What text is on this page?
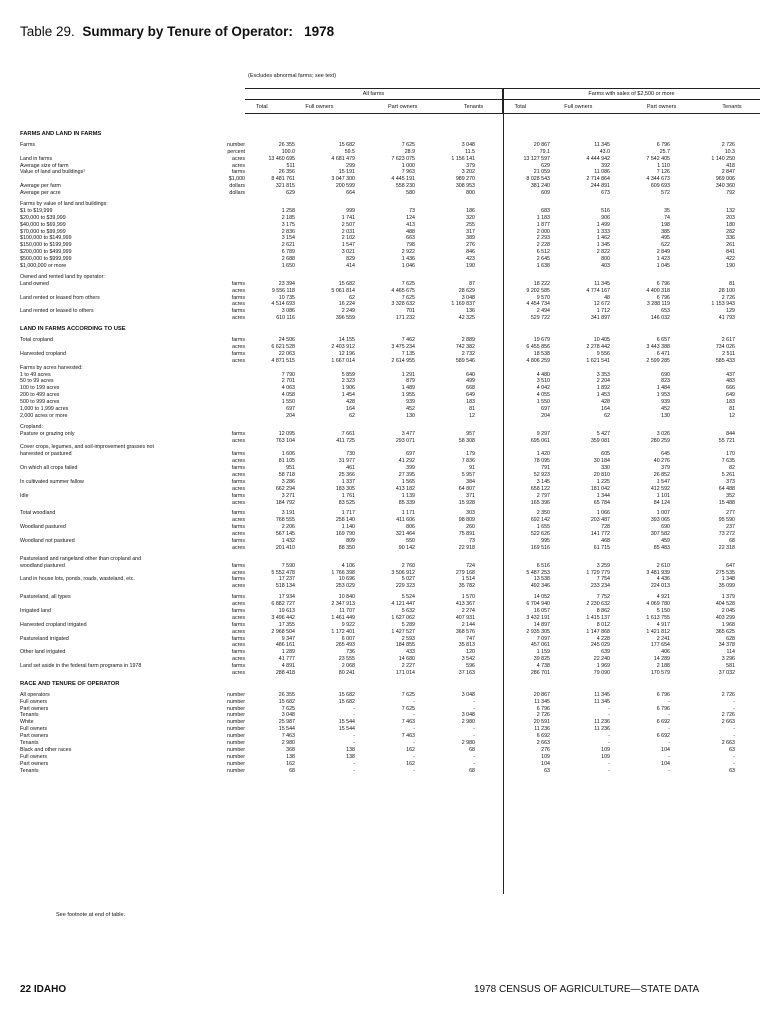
Table 29. Summary by Tenure of Operator: 1978
(Excludes abnormal farms; see text)
All farms				Farms with sales of $2,500 or more			
Total	Full owners	Part owners	Tenants	Total	Full owners	Part owners	Tenants
FARMS AND LAND IN FARMS
Farms	number	26 355	15 682	7 625	3 048	20 867	11 345	6 796	2 726
percent	100.0	59.5	28.9	11.5	79.1	43.0	25.7	10.3
Land in farms	acres	13 460 695	4 681 479	7 623 075	1 156 141	13 127 597	4 444 942	7 542 405	1 140 250
Average size of farm	acres	511	299	1 000	379	629	392	1 110	418
Value of land and buildings¹	farms	26 356	15 191	7 963	3 202	21 059	11 086	7 126	2 847
$1,000	8 481 761	3 047 300	4 445 191	989 270	8 028 543	2 714 864	4 344 673	969 006
Average per farm	dollars	321 815	200 599	558 230	308 953	381 240	244 891	609 693	340 360
Average per acre	dollars	629	664	580	800	609	673	572	792
Farms by value of land and buildings:
$1 to $19,999	1 258	999	73	186	683	516	35	132
$20,000 to $39,999	2 185	1 741	124	320	1 183	906	74	203
$40,000 to $69,999	3 175	2 507	413	255	1 877	1 499	198	180
$70,000 to $99,999	2 836	2 031	488	317	2 000	1 333	385	282
$100,000 to $149,999	3 154	2 102	663	389	2 293	1 462	495	336
$150,000 to $199,999	2 621	1 547	798	276	2 228	1 345	622	261
$200,000 to $499,999	6 789	3 021	2 922	846	6 512	2 822	2 849	841
$500,000 to $999,999	2 688	829	1 436	423	2 645	800	1 423	422
$1,000,000 or more	1 650	414	1 046	190	1 638	403	1 045	190
Owned and rented land by operator:
Land owned	farms	23 394	15 682	7 625	87	18 222	11 345	6 796	81
acres	9 556 118	5 061 814	4 465 675	28 629	9 202 585	4 774 167	4 400 318	28 100
Land rented or leased from others	farms	10 735	62	7 625	3 048	9 570	48	6 796	2 726
acres	4 514 693	16 224	3 328 632	1 169 837	4 454 734	12 672	3 288 119	1 153 943
Land rented or leased to others	farms	3 086	2 249	701	136	2 494	1 712	653	129
acres	610 116	396 559	171 232	42 325	529 722	341 897	146 032	41 793
LAND IN FARMS ACCORDING TO USE
Total cropland	farms	24 506	14 155	7 462	2 889	19 679	10 405	6 657	2 617
acres	6 621 528	2 403 912	3 475 234	742 382	6 455 856	2 278 442	3 443 388	734 026
Harvested cropland	farms	22 063	12 196	7 135	2 732	18 538	9 556	6 471	2 511
acres	4 871 515	1 667 014	2 614 955	589 546	4 806 259	1 621 541	2 599 285	585 433
Farms by acres harvested:
1 to 49 acres	7 790	5 859	1 291	640	4 480	3 353	690	437
50 to 99 acres	2 701	2 323	879	499	3 510	2 204	823	483
100 to 199 acres	4 063	1 906	1 489	668	4 042	1 892	1 484	666
200 to 499 acres	4 058	1 454	1 955	649	4 055	1 453	1 953	649
500 to 999 acres	1 550	428	939	183	1 550	428	939	183
1,000 to 1,999 acres	697	164	452	81	697	164	452	81
2,000 acres or more	204	62	130	12	204	62	130	12
Cropland:
Pasture or grazing only	farms	12 095	7 661	3 477	957	9 297	5 427	3 026	844
acres	763 104	411 725	293 071	58 308	695 061	359 081	280 259	55 721
Cover crops, legumes, and soil-improvement grasses not
harvested or pastured	farms	1 606	730	697	179	1 420	605	645	170
acres	81 105	31 977	41 292	7 836	78 095	30 184	40 276	7 635
On which all crops failed	farms	951	461	399	91	791	330	379	82
acres	58 718	25 366	27 395	5 957	52 923	20 810	26 852	5 261
In cultivated summer fallow	farms	3 286	1 337	1 565	384	3 145	1 225	1 547	373
acres	662 294	183 305	413 182	64 807	658 122	181 042	412 592	64 488
Idle	farms	3 271	1 761	1 139	371	2 797	1 344	1 101	352
acres	184 792	83 525	85 339	15 928	165 396	65 784	84 124	15 488
Total woodland	farms	3 191	1 717	1 171	303	2 350	1 066	1 007	277
acres	768 555	258 140	411 606	98 809	692 142	203 487	393 065	95 590
Woodland pastured	farms	2 206	1 140	806	260	1 655	728	690	237
acres	567 145	169 790	321 464	75 891	522 626	141 772	307 582	73 272
Woodland not pastured	farms	1 432	809	550	73	995	468	459	68
acres	201 410	88 350	90 142	22 918	169 516	61 715	85 483	22 318
Pastureland and rangeland other than cropland and
woodland pastured	farms	7 590	4 106	2 760	724	6 516	3 259	2 610	647
acres	5 552 478	1 766 398	3 506 912	279 168	5 487 253	1 729 779	3 481 939	275 535
Land in house lots, ponds, roads, wasteland, etc.	farms	17 237	10 696	5 027	1 514	13 538	7 754	4 436	1 348
acres	518 134	253 029	229 323	35 782	492 346	233 234	224 013	35 099
Pastureland, all types	farms	17 934	10 840	5 524	1 570	14 052	7 752	4 921	1 379
acres	6 882 727	2 347 913	4 121 447	413 367	6 704 940	2 230 632	4 069 780	404 528
Irrigated land	farms	19 613	11 707	5 632	2 274	16 057	8 862	5 150	2 045
acres	3 496 442	1 461 449	1 627 062	407 931	3 432 191	1 415 137	1 613 755	403 299
Harvested cropland irrigated	farms	17 355	9 922	5 289	2 144	14 897	8 012	4 917	1 968
acres	2 968 504	1 172 401	1 427 527	368 576	2 935 305	1 147 868	1 421 812	365 625
Pastureland irrigated	farms	9 347	6 007	2 593	747	7 097	4 228	2 241	628
acres	486 161	265 493	184 855	35 813	457 061	245 029	177 654	34 378
Other land irrigated	farms	1 289	736	433	120	1 159	639	406	114
acres	41 777	23 555	14 680	3 542	39 825	22 240	14 289	3 296
Land set aside in the federal farm programs in 1978	farms	4 891	2 068	2 227	596	4 738	1 969	2 188	581
acres	288 418	80 241	171 014	37 163	286 701	79 090	170 579	37 032
RACE AND TENURE OF OPERATOR
All operators	number	26 355	15 682	7 625	3 048	20 867	11 345	6 796	2 726
Full owners	number	15 682	15 682	-	-	11 345	11 345	-	-
Part owners	number	7 625	-	7 625	-	6 796	-	6 796	-
Tenants	number	3 048	-	-	3 048	2 726	-	-	2 726
White	number	25 987	15 544	7 463	2 980	20 591	11 236	6 692	2 663
Full owners	number	15 544	15 544	-	-	11 236	11 236	-	-
Part owners	number	7 463	-	7 463	-	6 692	-	6 692	-
Tenants	number	2 980	-	-	2 980	2 663	-	-	2 663
Black and other races	number	368	138	162	68	276	109	104	63
Full owners	number	138	138	-	-	109	109	-	-
Part owners	number	162	-	162	-	104	-	104	-
Tenants	number	68	-	-	68	63	-	-	63
See footnote at end of table.
22 IDAHO	1978 CENSUS OF AGRICULTURE—STATE DATA
